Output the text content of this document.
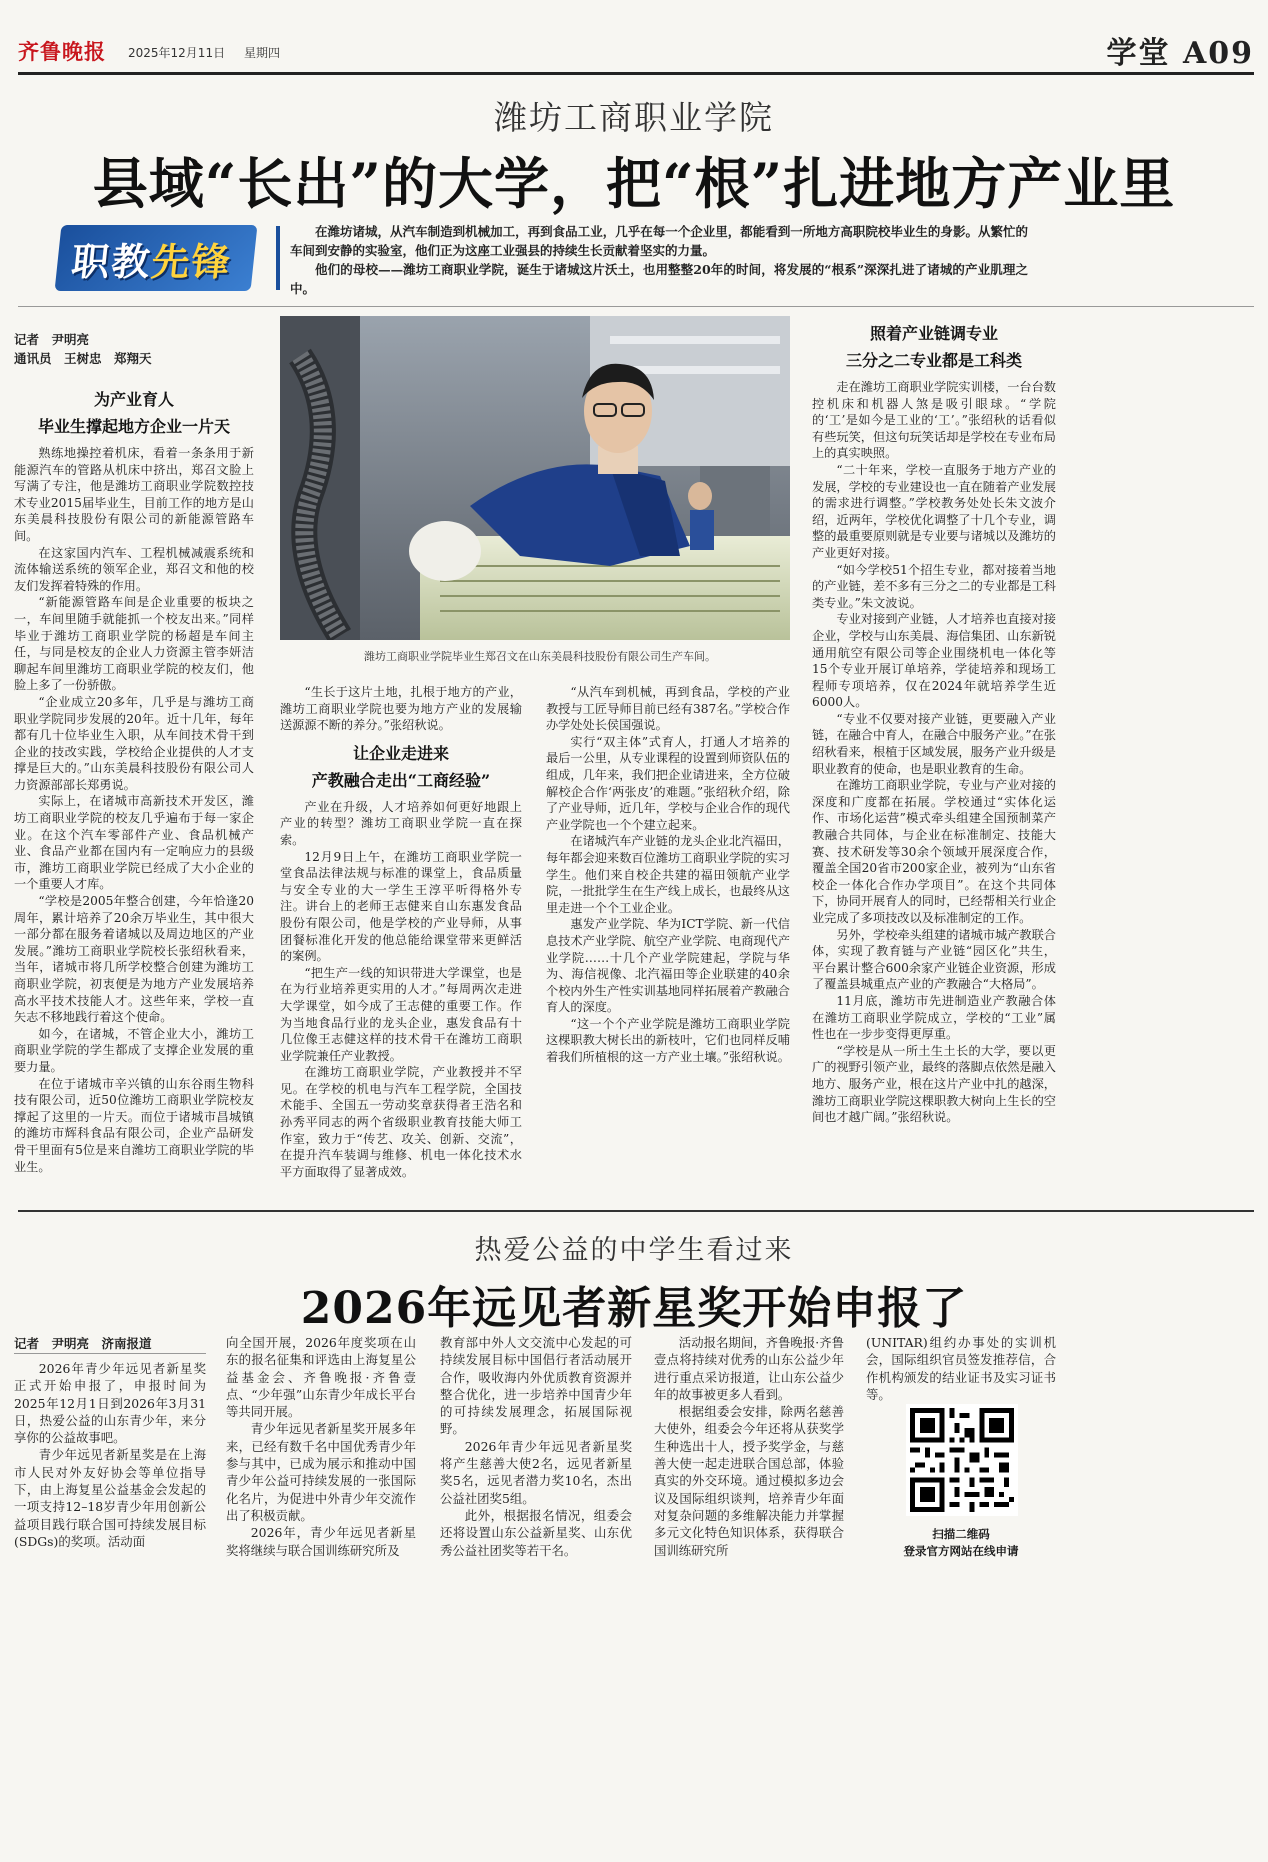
齐鲁晚报 2025年12月11日 星期四	学堂 A09
潍坊工商职业学院
县域“长出”的大学，把“根”扎进地方产业里
职教先锋

在潍坊诸城，从汽车制造到机械加工，再到食品工业，几乎在每一个企业里，都能看到一所地方高职院校毕业生的身影。从繁忙的车间到安静的实验室，他们正为这座工业强县的持续生长贡献着坚实的力量。

他们的母校——潍坊工商职业学院，诞生于诸城这片沃土，也用整整20年的时间，将发展的“根系”深深扎进了诸城的产业肌理之中。

潍坊工商职业学院毕业生郑召文在山东美晨科技股份有限公司生产车间。
记者　尹明亮
通讯员　王树忠　郑翔天
为产业育人
毕业生撑起地方企业一片天

熟练地操控着机床，看着一条条用于新能源汽车的管路从机床中挤出，郑召文脸上写满了专注，他是潍坊工商职业学院数控技术专业2015届毕业生，目前工作的地方是山东美晨科技股份有限公司的新能源管路车间。

在这家国内汽车、工程机械减震系统和流体输送系统的领军企业，郑召文和他的校友们发挥着特殊的作用。

“新能源管路车间是企业重要的板块之一，车间里随手就能抓一个校友出来。”同样毕业于潍坊工商职业学院的杨超是车间主任，与同是校友的企业人力资源主管李妍洁聊起车间里潍坊工商职业学院的校友们，他脸上多了一份骄傲。

“企业成立20多年，几乎是与潍坊工商职业学院同步发展的20年。近十几年，每年都有几十位毕业生入职，从车间技术骨干到企业的技改实践，学校给企业提供的人才支撑是巨大的。”山东美晨科技股份有限公司人力资源部部长郑勇说。

实际上，在诸城市高新技术开发区，潍坊工商职业学院的校友几乎遍布于每一家企业。在这个汽车零部件产业、食品机械产业、食品产业都在国内有一定响应力的县级市，潍坊工商职业学院已经成了大小企业的一个重要人才库。

“学校是2005年整合创建，今年恰逢20周年，累计培养了20余万毕业生，其中很大一部分都在服务着诸城以及周边地区的产业发展。”潍坊工商职业学院校长张绍秋看来，当年，诸城市将几所学校整合创建为潍坊工商职业学院，初衷便是为地方产业发展培养高水平技术技能人才。这些年来，学校一直矢志不移地践行着这个使命。

如今，在诸城，不管企业大小，潍坊工商职业学院的学生都成了支撑企业发展的重要力量。

在位于诸城市辛兴镇的山东谷雨生物科技有限公司，近50位潍坊工商职业学院校友撑起了这里的一片天。而位于诸城市昌城镇的潍坊市辉科食品有限公司，企业产品研发骨干里面有5位是来自潍坊工商职业学院的毕业生。

“生长于这片土地，扎根于地方的产业，潍坊工商职业学院也要为地方产业的发展输送源源不断的养分。”张绍秋说。

让企业走进来
产教融合走出“工商经验”

产业在升级，人才培养如何更好地跟上产业的转型？潍坊工商职业学院一直在探索。

12月9日上午，在潍坊工商职业学院一堂食品法律法规与标准的课堂上，食品质量与安全专业的大一学生王淳平听得格外专注。讲台上的老师王志健来自山东惠发食品股份有限公司，他是学校的产业导师，从事团餐标准化开发的他总能给课堂带来更鲜活的案例。

“把生产一线的知识带进大学课堂，也是在为行业培养更实用的人才。”每周两次走进大学课堂，如今成了王志健的重要工作。作为当地食品行业的龙头企业，惠发食品有十几位像王志健这样的技术骨干在潍坊工商职业学院兼任产业教授。

在潍坊工商职业学院，产业教授并不罕见。在学校的机电与汽车工程学院，全国技术能手、全国五一劳动奖章获得者王浩名和孙秀平同志的两个省级职业教育技能大师工作室，致力于“传艺、攻关、创新、交流”，在提升汽车装调与维修、机电一体化技术水平方面取得了显著成效。

“从汽车到机械，再到食品，学校的产业教授与工匠导师目前已经有387名。”学校合作办学处处长侯国强说。

实行“双主体”式育人，打通人才培养的最后一公里，从专业课程的设置到师资队伍的组成，几年来，我们把企业请进来，全方位破解校企合作‘两张皮’的难题。”张绍秋介绍，除了产业导师，近几年，学校与企业合作的现代产业学院也一个个建立起来。

在诸城汽车产业链的龙头企业北汽福田，每年都会迎来数百位潍坊工商职业学院的实习学生。他们来自校企共建的福田领航产业学院，一批批学生在生产线上成长，也最终从这里走进一个个工业企业。

惠发产业学院、华为ICT学院、新一代信息技术产业学院、航空产业学院、电商现代产业学院……十几个产业学院建起，学院与华为、海信视像、北汽福田等企业联建的40余个校内外生产性实训基地同样拓展着产教融合育人的深度。

“这一个个产业学院是潍坊工商职业学院这棵职教大树长出的新枝叶，它们也同样反哺着我们所植根的这一方产业土壤。”张绍秋说。

照着产业链调专业
三分之二专业都是工科类

走在潍坊工商职业学院实训楼，一台台数控机床和机器人煞是吸引眼球。“学院的‘工’是如今是工业的‘工’。”张绍秋的话看似有些玩笑，但这句玩笑话却是学校在专业布局上的真实映照。

“二十年来，学校一直服务于地方产业的发展，学校的专业建设也一直在随着产业发展的需求进行调整。”学校教务处处长朱文波介绍，近两年，学校优化调整了十几个专业，调整的最重要原则就是专业要与诸城以及潍坊的产业更好对接。

“如今学校51个招生专业，都对接着当地的产业链，差不多有三分之二的专业都是工科类专业。”朱文波说。

专业对接到产业链，人才培养也直接对接企业，学校与山东美晨、海信集团、山东新锐通用航空有限公司等企业围绕机电一体化等15个专业开展订单培养，学徒培养和现场工程师专项培养，仅在2024年就培养学生近6000人。

“专业不仅要对接产业链，更要融入产业链，在融合中育人，在融合中服务产业。”在张绍秋看来，根植于区域发展，服务产业升级是职业教育的使命，也是职业教育的生命。

在潍坊工商职业学院，专业与产业对接的深度和广度都在拓展。学校通过“实体化运作、市场化运营”模式牵头组建全国预制菜产教融合共同体，与企业在标准制定、技能大赛、技术研发等30余个领域开展深度合作，覆盖全国20省市200家企业，被列为“山东省校企一体化合作办学项目”。在这个共同体下，协同开展育人的同时，已经帮相关行业企业完成了多项技改以及标准制定的工作。

另外，学校牵头组建的诸城市城产教联合体，实现了教育链与产业链“园区化”共生，平台累计整合600余家产业链企业资源，形成了覆盖县城重点产业的产教融合“大格局”。

11月底，潍坊市先进制造业产教融合体在潍坊工商职业学院成立，学校的“工业”属性也在一步步变得更厚重。

“学校是从一所土生土长的大学，要以更广的视野引领产业，最终的落脚点依然是融入地方、服务产业，根在这片产业中扎的越深，潍坊工商职业学院这棵职教大树向上生长的空间也才越广阔。”张绍秋说。

热爱公益的中学生看过来
2026年远见者新星奖开始申报了
记者　尹明亮　济南报道

2026年青少年远见者新星奖正式开始申报了，申报时间为2025年12月1日到2026年3月31日，热爱公益的山东青少年，来分享你的公益故事吧。

青少年远见者新星奖是在上海市人民对外友好协会等单位指导下，由上海复星公益基金会发起的一项支持12–18岁青少年用创新公益项目践行联合国可持续发展目标(SDGs)的奖项。活动面

向全国开展，2026年度奖项在山东的报名征集和评选由上海复星公益基金会、齐鲁晚报·齐鲁壹点、“少年强”山东青少年成长平台等共同开展。

青少年远见者新星奖开展多年来，已经有数千名中国优秀青少年参与其中，已成为展示和推动中国青少年公益可持续发展的一张国际化名片，为促进中外青少年交流作出了积极贡献。

2026年，青少年远见者新星奖将继续与联合国训练研究所及

教育部中外人文交流中心发起的可持续发展目标中国倡行者活动展开合作，吸收海内外优质教育资源并整合优化，进一步培养中国青少年的可持续发展理念，拓展国际视野。

2026年青少年远见者新星奖将产生慈善大使2名，远见者新星奖5名，远见者潜力奖10名，杰出公益社团奖5组。

此外，根据报名情况，组委会还将设置山东公益新星奖、山东优秀公益社团奖等若干名。

活动报名期间，齐鲁晚报·齐鲁壹点将持续对优秀的山东公益少年进行重点采访报道，让山东公益少年的故事被更多人看到。

根据组委会安排，除两名慈善大使外，组委会今年还将从获奖学生种选出十人，授予奖学金，与慈善大使一起走进联合国总部，体验真实的外交环境。通过模拟多边会议及国际组织谈判，培养青少年面对复杂问题的多维解决能力并掌握多元文化特色知识体系，获得联合国训练研究所

(UNITAR)组约办事处的实训机会，国际组织官员签发推荐信，合作机构颁发的结业证书及实习证书等。

扫描二维码
登录官方网站在线申请
